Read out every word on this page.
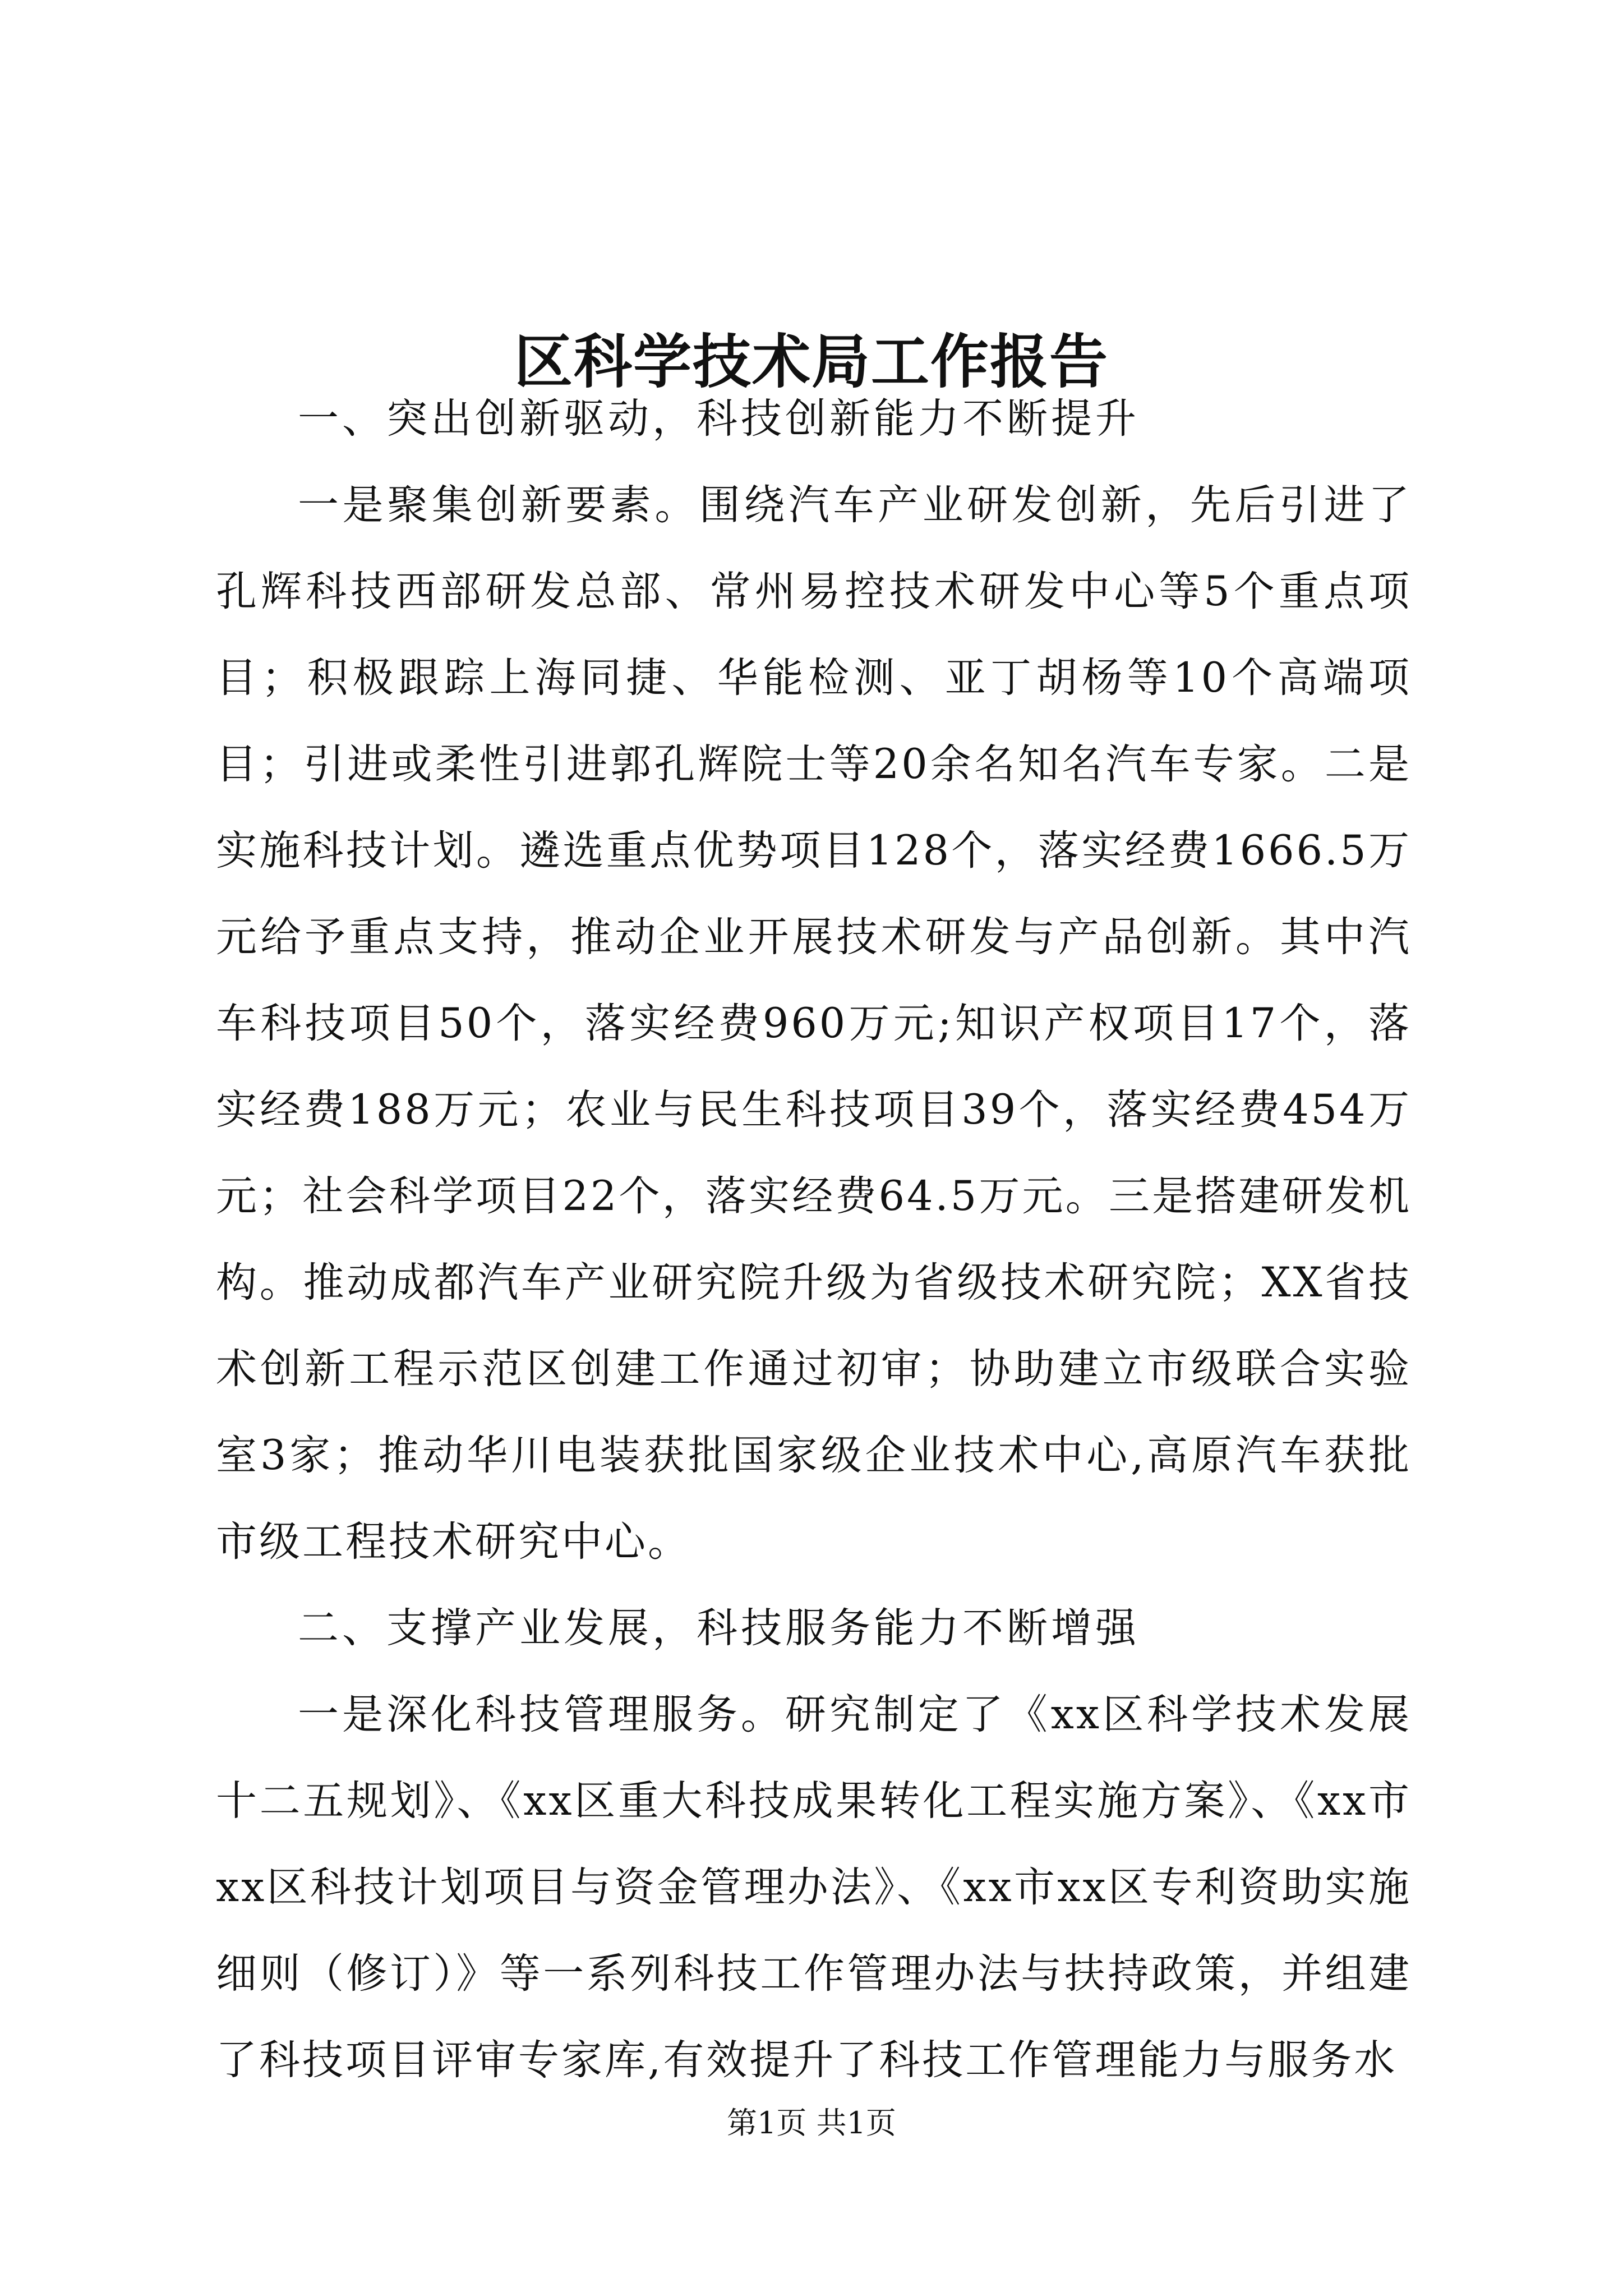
区科学技术局工作报告

一、突出创新驱动，科技创新能力不断提升

一是聚集创新要素。围绕汽车产业研发创新，先后引进了孔辉科技西部研发总部、常州易控技术研发中心等5个重点项目；积极跟踪上海同捷、华能检测、亚丁胡杨等10个高端项目；引进或柔性引进郭孔辉院士等20余名知名汽车专家。二是实施科技计划。遴选重点优势项目128个，落实经费1666.5万元给予重点支持，推动企业开展技术研发与产品创新。其中汽车科技项目50个，落实经费960万元;知识产权项目17个，落实经费188万元；农业与民生科技项目39个，落实经费454万元；社会科学项目22个，落实经费64.5万元。三是搭建研发机构。推动成都汽车产业研究院升级为省级技术研究院；XX省技术创新工程示范区创建工作通过初审；协助建立市级联合实验室3家；推动华川电装获批国家级企业技术中心,高原汽车获批市级工程技术研究中心。

二、支撑产业发展，科技服务能力不断增强

一是深化科技管理服务。研究制定了《xx区科学技术发展十二五规划》、《xx区重大科技成果转化工程实施方案》、《xx市xx区科技计划项目与资金管理办法》、《xx市xx区专利资助实施细则（修订）》等一系列科技工作管理办法与扶持政策，并组建了科技项目评审专家库,有效提升了科技工作管理能力与服务水

第1页 共1页
